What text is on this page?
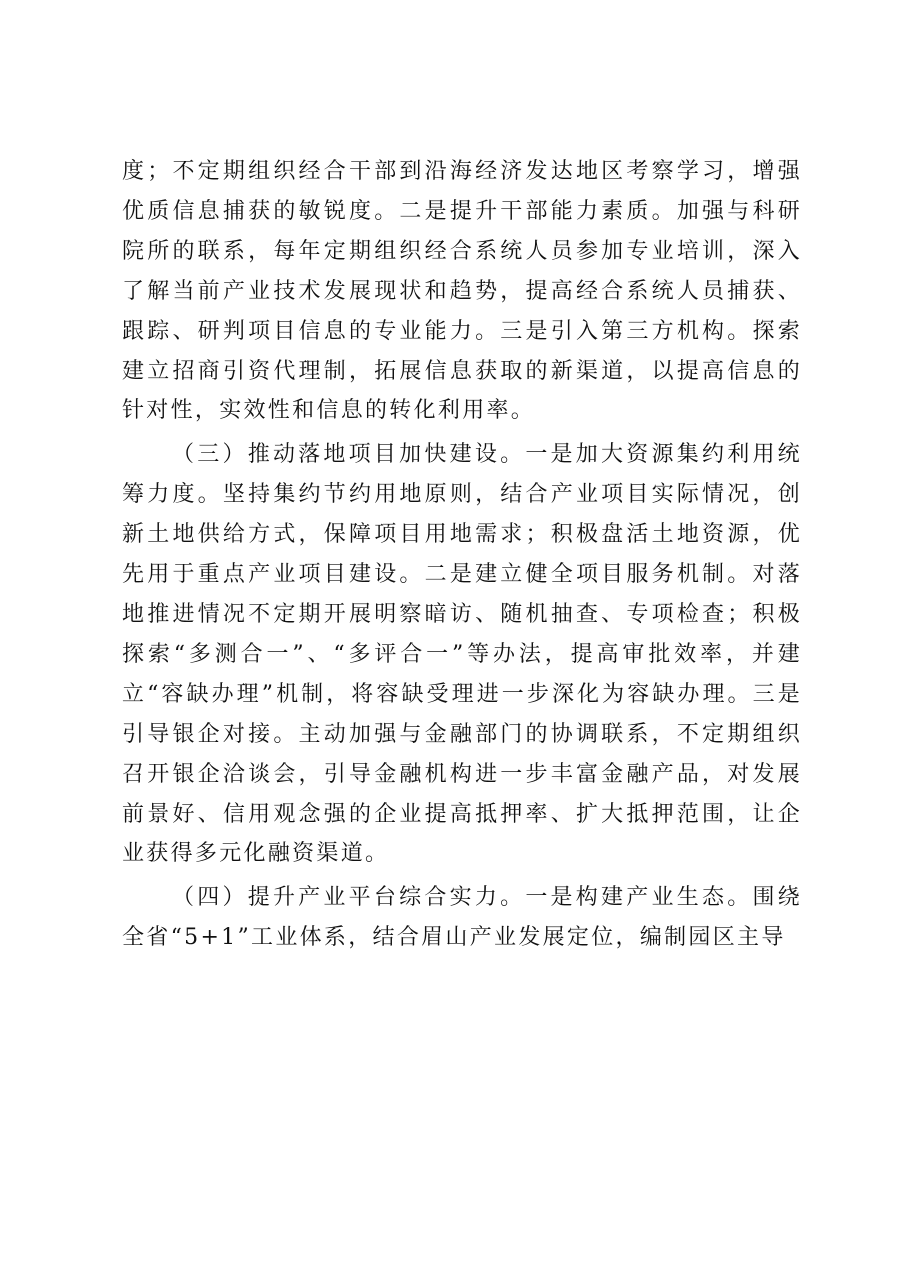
度；不定期组织经合干部到沿海经济发达地区考察学习，增强优质信息捕获的敏锐度。二是提升干部能力素质。加强与科研院所的联系，每年定期组织经合系统人员参加专业培训，深入了解当前产业技术发展现状和趋势，提高经合系统人员捕获、跟踪、研判项目信息的专业能力。三是引入第三方机构。探索建立招商引资代理制，拓展信息获取的新渠道，以提高信息的针对性，实效性和信息的转化利用率。

（三）推动落地项目加快建设。一是加大资源集约利用统筹力度。坚持集约节约用地原则，结合产业项目实际情况，创新土地供给方式，保障项目用地需求；积极盘活土地资源，优先用于重点产业项目建设。二是建立健全项目服务机制。对落地推进情况不定期开展明察暗访、随机抽查、专项检查；积极探索“多测合一”、“多评合一”等办法，提高审批效率，并建立“容缺办理”机制，将容缺受理进一步深化为容缺办理。三是引导银企对接。主动加强与金融部门的协调联系，不定期组织召开银企洽谈会，引导金融机构进一步丰富金融产品，对发展前景好、信用观念强的企业提高抵押率、扩大抵押范围，让企业获得多元化融资渠道。

（四）提升产业平台综合实力。一是构建产业生态。围绕全省“5+1”工业体系，结合眉山产业发展定位，编制园区主导
